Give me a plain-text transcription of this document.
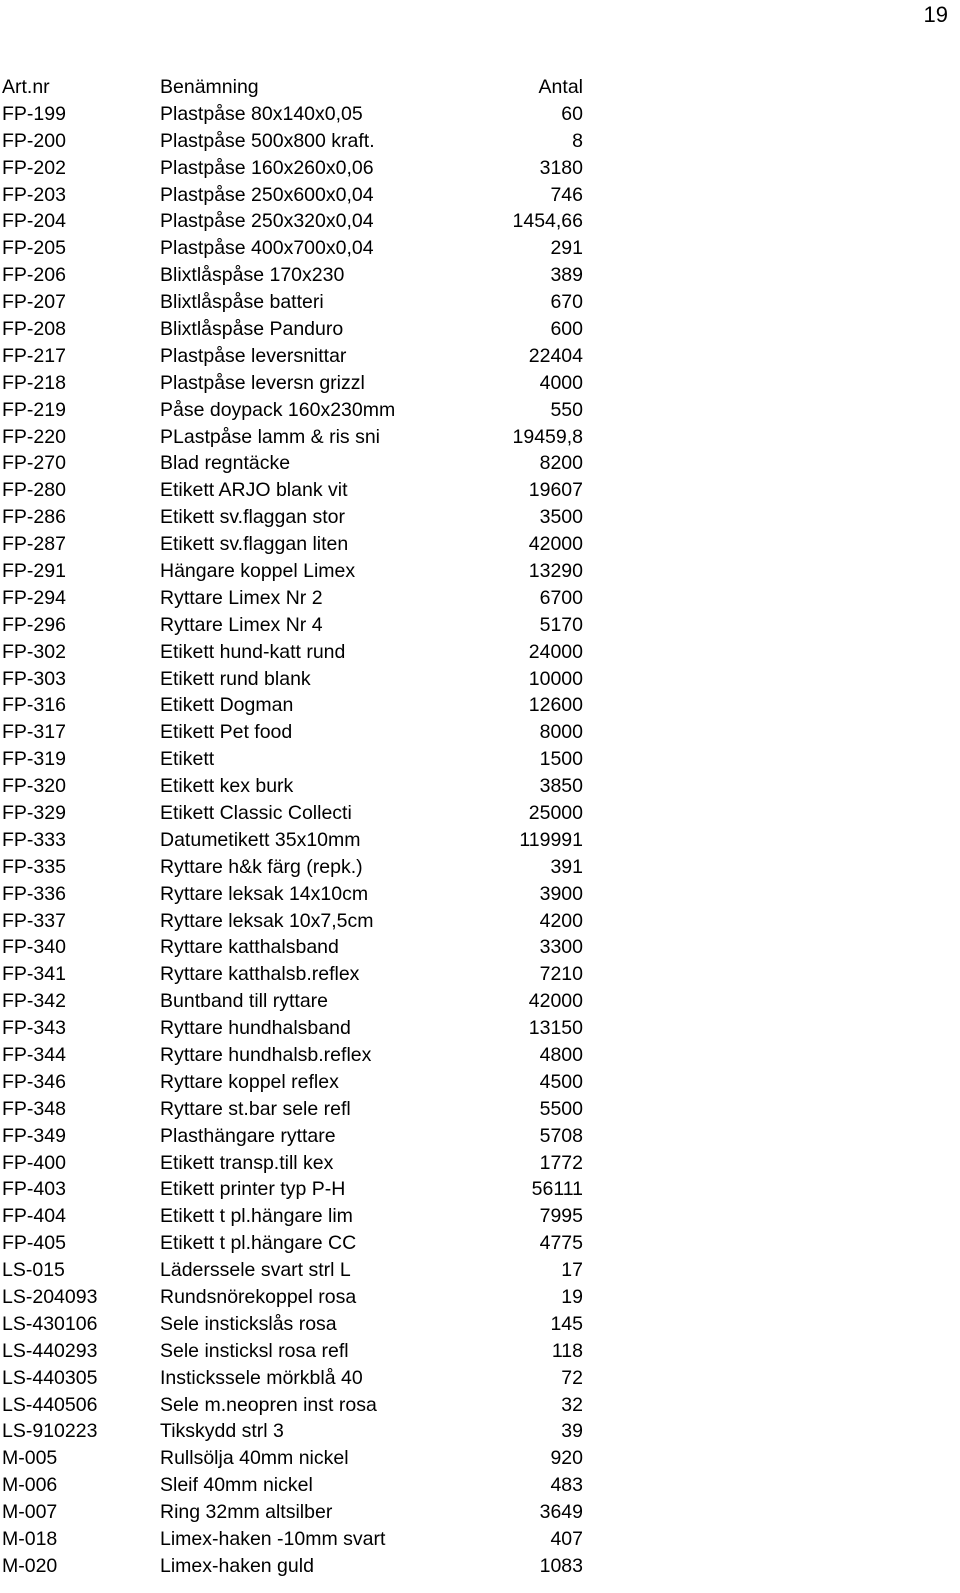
19
Art.nr	Benämning	Antal
FP-199	Plastpåse 80x140x0,05	60
FP-200	Plastpåse 500x800 kraft.	8
FP-202	Plastpåse 160x260x0,06	3180
FP-203	Plastpåse 250x600x0,04	746
FP-204	Plastpåse 250x320x0,04	1454,66
FP-205	Plastpåse 400x700x0,04	291
FP-206	Blixtlåspåse 170x230	389
FP-207	Blixtlåspåse batteri	670
FP-208	Blixtlåspåse Panduro	600
FP-217	Plastpåse leversnittar	22404
FP-218	Plastpåse leversn grizzl	4000
FP-219	Påse doypack 160x230mm	550
FP-220	PLastpåse lamm & ris sni	19459,8
FP-270	Blad regntäcke	8200
FP-280	Etikett ARJO blank vit	19607
FP-286	Etikett sv.flaggan stor	3500
FP-287	Etikett sv.flaggan liten	42000
FP-291	Hängare koppel Limex	13290
FP-294	Ryttare Limex Nr 2	6700
FP-296	Ryttare Limex Nr 4	5170
FP-302	Etikett hund-katt rund	24000
FP-303	Etikett rund blank	10000
FP-316	Etikett Dogman	12600
FP-317	Etikett Pet food	8000
FP-319	Etikett	1500
FP-320	Etikett kex burk	3850
FP-329	Etikett Classic Collecti	25000
FP-333	Datumetikett 35x10mm	119991
FP-335	Ryttare h&k färg (repk.)	391
FP-336	Ryttare leksak 14x10cm	3900
FP-337	Ryttare leksak 10x7,5cm	4200
FP-340	Ryttare katthalsband	3300
FP-341	Ryttare katthalsb.reflex	7210
FP-342	Buntband till ryttare	42000
FP-343	Ryttare hundhalsband	13150
FP-344	Ryttare hundhalsb.reflex	4800
FP-346	Ryttare koppel reflex	4500
FP-348	Ryttare st.bar sele refl	5500
FP-349	Plasthängare ryttare	5708
FP-400	Etikett transp.till kex	1772
FP-403	Etikett printer typ P-H	56111
FP-404	Etikett t pl.hängare lim	7995
FP-405	Etikett t pl.hängare CC	4775
LS-015	Läderssele svart strl L	17
LS-204093	Rundsnörekoppel rosa	19
LS-430106	Sele instickslås rosa	145
LS-440293	Sele insticksl rosa refl	118
LS-440305	Instickssele mörkblå 40	72
LS-440506	Sele m.neopren inst rosa	32
LS-910223	Tikskydd strl 3	39
M-005	Rullsölja 40mm nickel	920
M-006	Sleif 40mm nickel	483
M-007	Ring 32mm altsilber	3649
M-018	Limex-haken -10mm svart	407
M-020	Limex-haken guld	1083
